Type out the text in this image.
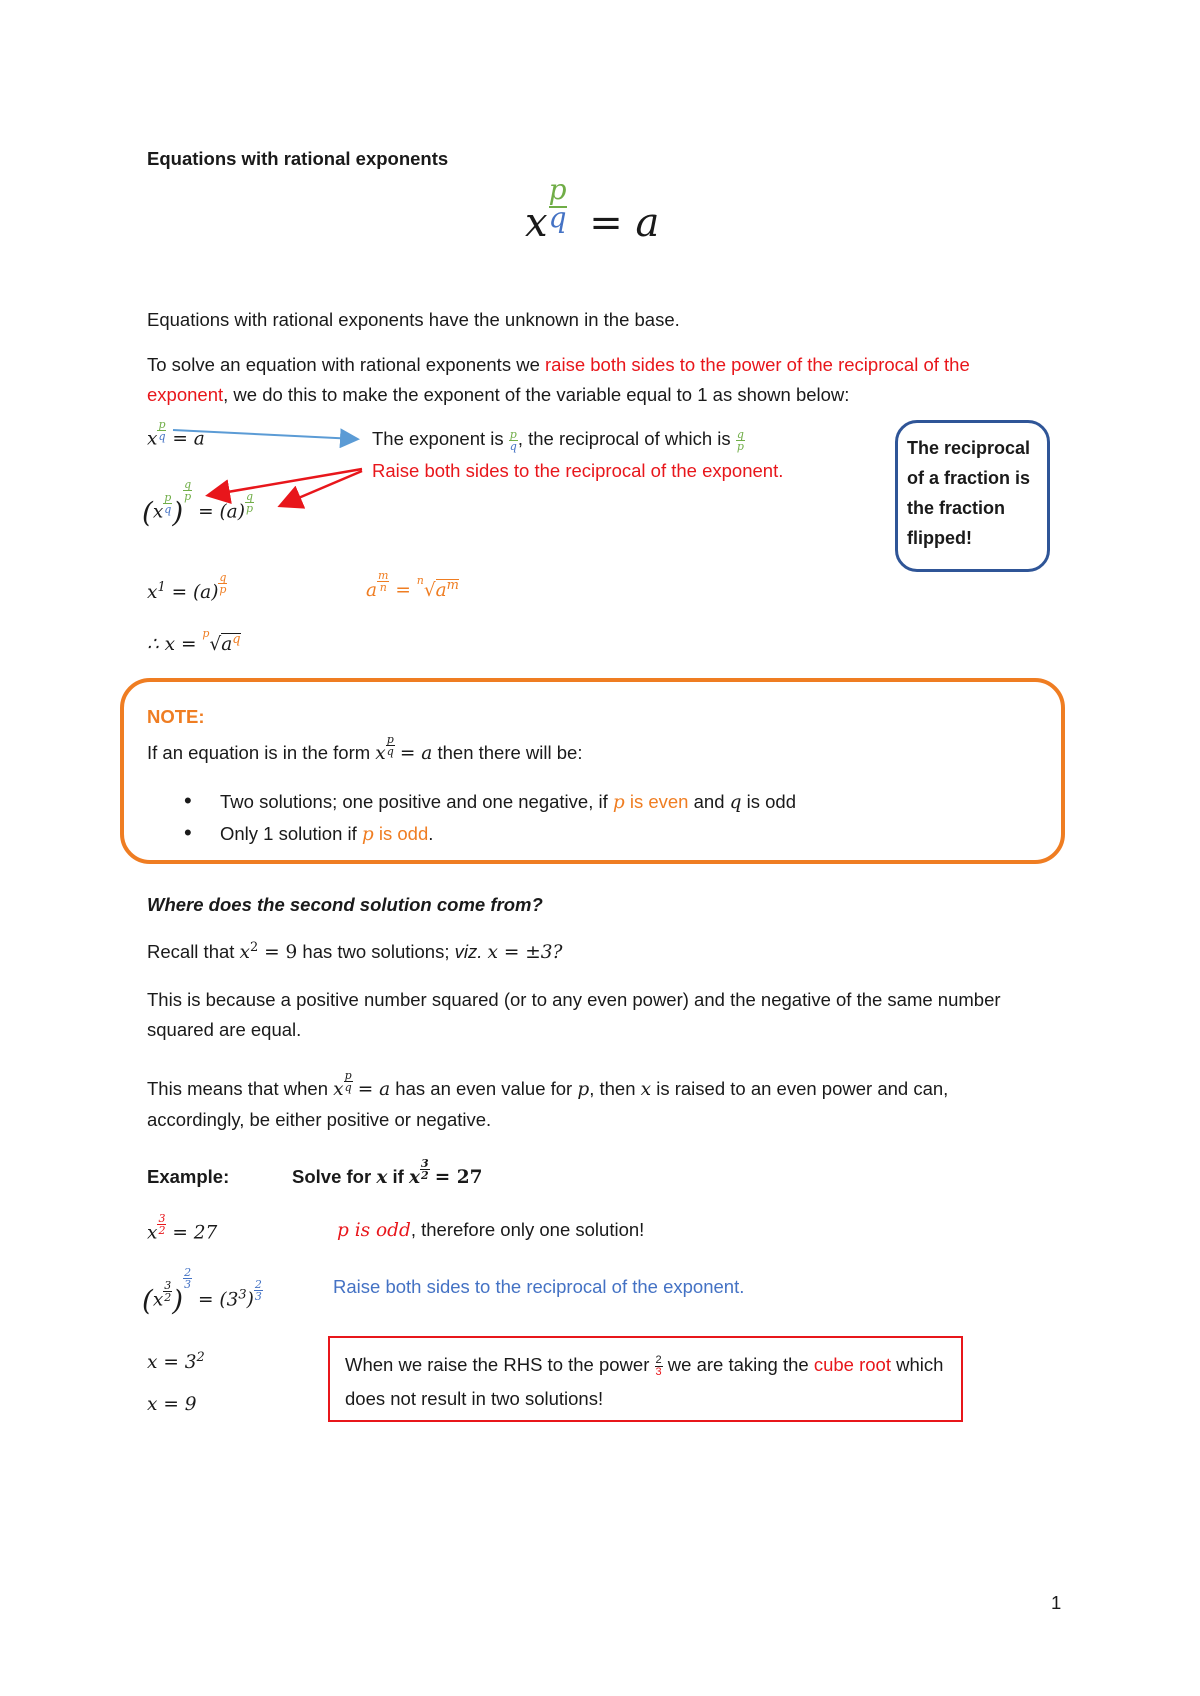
Equations with rational exponents
$x\frac{p}{q} = a$
Equations with rational exponents have the unknown in the base.
To solve an equation with rational exponents we raise both sides to the power of the reciprocal of the exponent, we do this to make the exponent of the variable equal to 1 as shown below:
x $\frac{p}{q} = a$
($x \frac{p}{q}$ )
$\frac{q}{p}$
= $(a) \frac{q}{p}$
$x^1 = (a) \frac{q}{p}$
∴ $x = ^p√a^q$
The exponent is $\frac{p}{q}$ , the reciprocal of which is $\frac{q}{p}$
Raise both sides to the reciprocal of the exponent.
a $\frac{m}{n} = ^n√a^m$
The reciprocal of a fraction is the fraction flipped!
NOTE:
If an equation is in the form x $\frac{p}{q} = a$ then there will be:
• Two solutions; one positive and one negative, if p is even and q is odd
• Only 1 solution if p is odd.
Where does the second solution come from?
Recall that $x^2 = 9$ has two solutions; viz. x = ±3?
This is because a positive number squared (or to any even power) and the negative of the same number squared are equal.
This means that when x $\frac{p}{q} = a$ has an even value for p, then x is raised to an even power and can, accordingly, be either positive or negative.
Example:	Solve for x if x $\frac{3}{2} = 27$
x $\frac{3}{2} = 27$	p is odd, therefore only one solution!
($x \frac{3}{2}$ )
$\frac{2}{3}$
= $(3^3) \frac{2}{3}$	Raise both sides to the reciprocal of the exponent.
$x = 3^2$
x = 9
When we raise the RHS to the power $\frac{2}{3}$ we are taking the cube root which does not result in two solutions!
1
